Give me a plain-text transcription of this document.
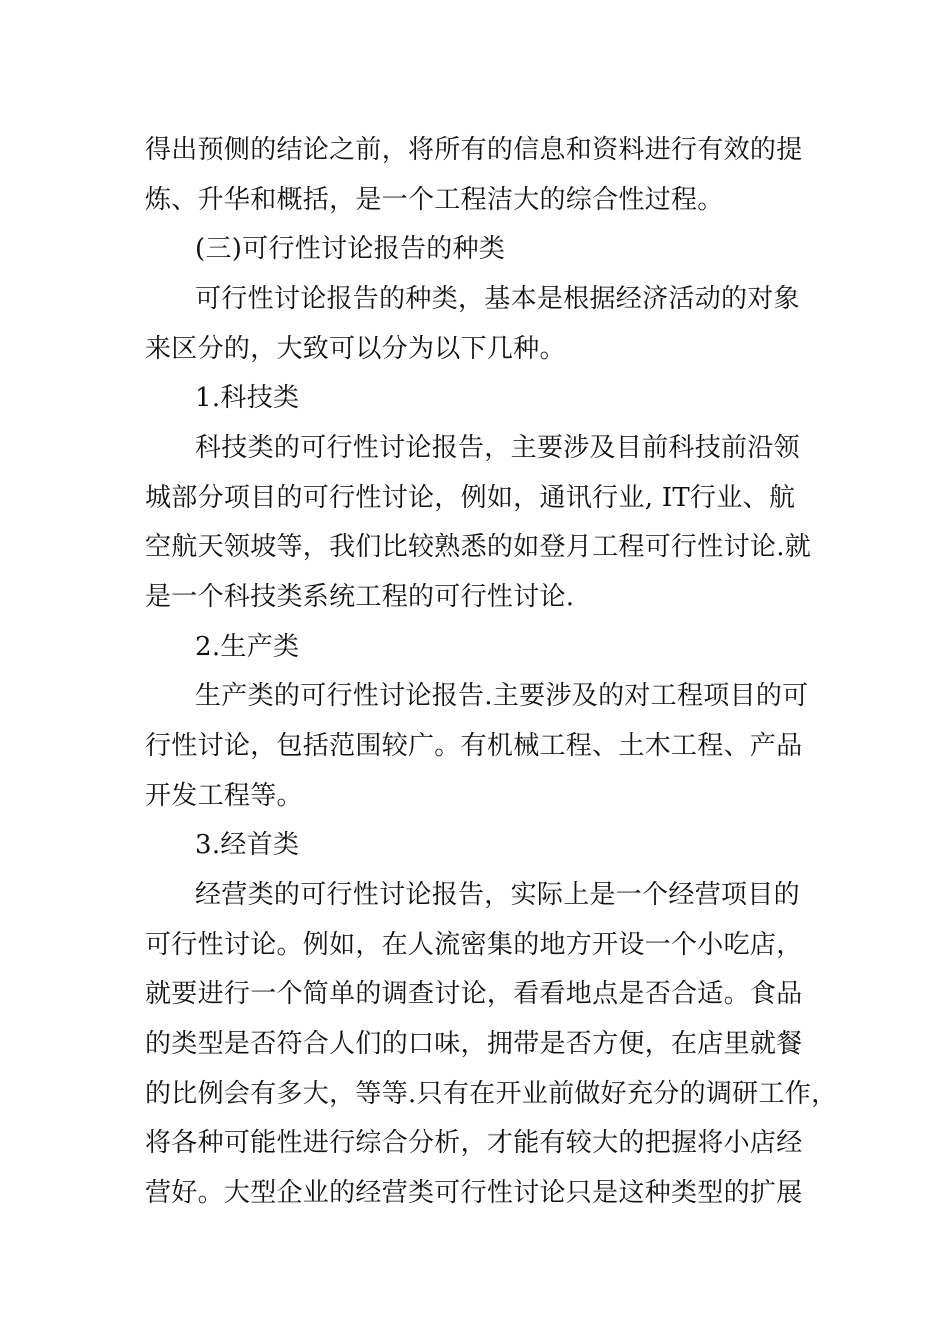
得出预侧的结论之前，将所有的信息和资料进行有效的提
炼、升华和概括，是一个工程洁大的综合性过程。
(三)可行性讨论报告的种类
可行性讨论报告的种类，基本是根据经济活动的对象
来区分的，大致可以分为以下几种。
1.科技类
科技类的可行性讨论报告，主要涉及目前科技前沿领
城部分项目的可行性讨论，例如，通讯行业, IT行业、航
空航天领坡等，我们比较熟悉的如登月工程可行性讨论.就
是一个科技类系统工程的可行性讨论.
2.生产类
生产类的可行性讨论报告.主要涉及的对工程项目的可
行性讨论，包括范围较广。有机械工程、土木工程、产品
开发工程等。
3.经首类
经营类的可行性讨论报告，实际上是一个经营项目的
可行性讨论。例如，在人流密集的地方开设一个小吃店，
就要进行一个简单的调查讨论，看看地点是否合适。食品
的类型是否符合人们的口味，拥带是否方便，在店里就餐
的比例会有多大，等等.只有在开业前做好充分的调研工作，
将各种可能性进行综合分析，才能有较大的把握将小店经
营好。大型企业的经营类可行性讨论只是这种类型的扩展
